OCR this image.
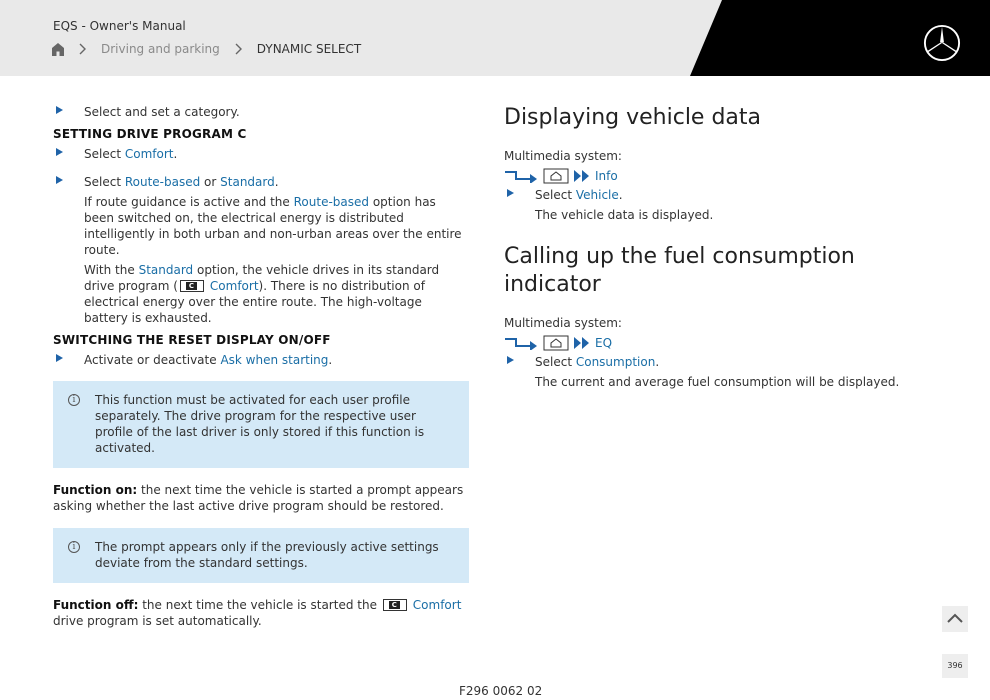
EQS - Owner's Manual
Driving and parking	DYNAMIC SELECT
Select and set a category.
SETTING DRIVE PROGRAM C
Select Comfort.
Select Route-based or Standard.
If route guidance is active and the Route-based option has been switched on, the electrical energy is distributed intelligently in both urban and non-urban areas over the entire route.
With the Standard option, the vehicle drives in its standard drive program ( C	Comfort). There is no distribution of electrical energy over the entire route. The high-voltage battery is exhausted.
SWITCHING THE RESET DISPLAY ON/OFF
Activate or deactivate Ask when starting.
i	This function must be activated for each user profile separately. The drive program for the respective user profile of the last driver is only stored if this function is activated.
Function on: the next time the vehicle is started a prompt appears asking whether the last active drive program should be restored.
i	The prompt appears only if the previously active settings deviate from the standard settings.
Function off: the next time the vehicle is started the C	Comfort drive program is set automatically.
Displaying vehicle data
Multimedia system:
Info
Select Vehicle.
The vehicle data is displayed.
Calling up the fuel consumption indicator
Multimedia system:
EQ
Select Consumption.
The current and average fuel consumption will be displayed.
396
F296 0062 02
